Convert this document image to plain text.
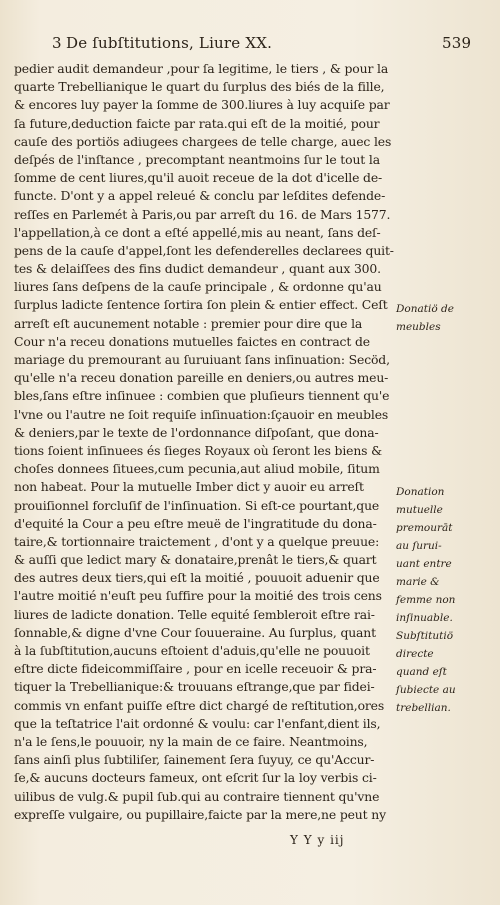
3 De ſubſtitutions, Liure XX.	539
pedier audit demandeur ,pour ſa legitime, le tiers , & pour la
quarte Trebellianique le quart du ſurplus des biés de la fille,
& encores luy payer la ſomme de 300.liures à luy acquiſe par
ſa future,deduction faicte par rata.qui eſt de la moitié, pour
cauſe des portiös adiugees chargees de telle charge, auec les
deſpés de l'inſtance , precomptant neantmoins ſur le tout la
ſomme de cent liures,qu'il auoit receue de la dot d'icelle de-
functe. D'ont y a appel releué & conclu par leſdites defende-
reſſes en Parlemét à Paris,ou par arreſt du 16. de Mars 1577.
l'appellation,à ce dont a eſté appellé,mis au neant, ſans deſ-
pens de la cauſe d'appel,ſont les defenderelles declarees quit-
tes & delaiſſees des fins dudict demandeur , quant aux 300.
liures ſans deſpens de la cauſe principale , & ordonne qu'au
ſurplus ladicte ſentence ſortira ſon plein & entier effect. Ceſt
arreſt eſt aucunement notable : premier pour dire que la
Cour n'a receu donations mutuelles faictes en contract de
mariage du premourant au ſuruiuant ſans inſinuation: Secöd,
qu'elle n'a receu donation pareille en deniers,ou autres meu-
bles,ſans eſtre inſinuee : combien que pluſieurs tiennent qu'e
l'vne ou l'autre ne ſoit requiſe inſinuation:ſçauoir en meubles
& deniers,par le texte de l'ordonnance diſpoſant, que dona-
tions ſoient inſinuees és ſieges Royaux où ſeront les biens &
choſes donnees ſituees,cum pecunia,aut aliud mobile, ſitum
non habeat. Pour la mutuelle Imber dict y auoir eu arreſt
prouiſionnel forcluſif de l'inſinuation. Si eſt-ce pourtant,que
d'equité la Cour a peu eſtre meuë de l'ingratitude du dona-
taire,& tortionnaire traictement , d'ont y a quelque preuue:
& auſſi que ledict mary & donataire,prenât le tiers,& quart
des autres deux tiers,qui eſt la moitié , pouuoit aduenir que
l'autre moitié n'euſt peu ſuffire pour la moitié des trois cens
liures de ladicte donation. Telle equité ſembleroit eſtre rai-
ſonnable,& digne d'vne Cour ſouueraine. Au ſurplus, quant
à la ſubſtitution,aucuns eſtoient d'aduis,qu'elle ne pouuoit
eſtre dicte fideicommiſſaire , pour en icelle receuoir & pra-
tiquer la Trebellianique:& trouuans eſtrange,que par fidei-
commis vn enfant puiſſe eſtre dict chargé de reſtitution,ores
que la teſtatrice l'ait ordonné & voulu: car l'enfant,dient ils,
n'a le ſens,le pouuoir, ny la main de ce faire. Neantmoins,
ſans ainſi plus ſubtiliſer, ſainement ſera ſuyuy, ce qu'Accur-
ſe,& aucuns docteurs fameux, ont eſcrit ſur la loy verbis ci-
uilibus de vulg.& pupil ſub.qui au contraire tiennent qu'vne
expreſſe vulgaire, ou pupillaire,faicte par la mere,ne peut ny
Donatiö de
meubles
Donation
mutuelle
premourāt
au ſurui-
uant entre
marie &
femme non
inſinuable.
Subſtitutiö
directe
quand eſt
ſubiecte au
trebellian.
Y Y y iij
